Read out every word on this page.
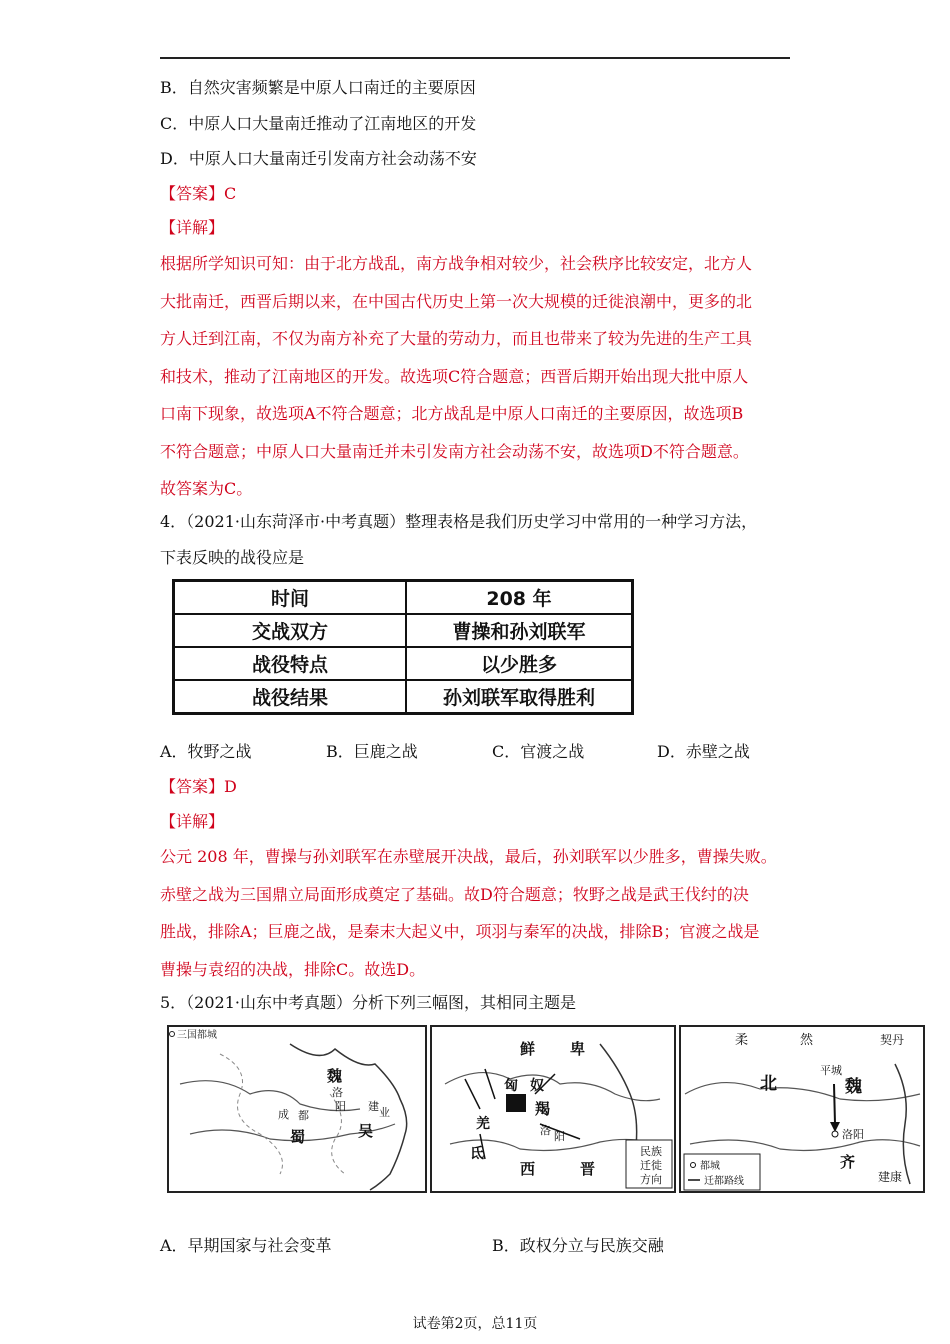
B．自然灾害频繁是中原人口南迁的主要原因
C．中原人口大量南迁推动了江南地区的开发
D．中原人口大量南迁引发南方社会动荡不安
【答案】C
【详解】
根据所学知识可知：由于北方战乱，南方战争相对较少，社会秩序比较安定，北方人
大批南迁，西晋后期以来，在中国古代历史上第一次大规模的迁徙浪潮中，更多的北
方人迁到江南，不仅为南方补充了大量的劳动力，而且也带来了较为先进的生产工具
和技术，推动了江南地区的开发。故选项C符合题意；西晋后期开始出现大批中原人
口南下现象，故选项A不符合题意；北方战乱是中原人口南迁的主要原因，故选项B
不符合题意；中原人口大量南迁并未引发南方社会动荡不安，故选项D不符合题意。
故答案为C。
4．（2021·山东菏泽市·中考真题）整理表格是我们历史学习中常用的一种学习方法，
下表反映的战役应是
时间	208 年
交战双方	曹操和孙刘联军
战役特点	以少胜多
战役结果	孙刘联军取得胜利
A．牧野之战	B．巨鹿之战	C．官渡之战	D．赤壁之战
【答案】D
【详解】
公元 208 年，曹操与孙刘联军在赤壁展开决战，最后，孙刘联军以少胜多，曹操失败。
赤壁之战为三国鼎立局面形成奠定了基础。故D符合题意；牧野之战是武王伐纣的决
胜战，排除A；巨鹿之战，是秦末大起义中，项羽与秦军的决战，排除B；官渡之战是
曹操与袁绍的决战，排除C。故选D。
5．（2021·山东中考真题）分析下列三幅图，其相同主题是
三国都城
魏
洛
阳
成 都
蜀	吴
建 业
鲜 卑
匈 奴
羯
羌
氐
洛 阳
西	晋
民族
迁徙
方向
柔	然	契丹
北
平城
魏
洛阳
齐
建康
都城
迁都路线
A．早期国家与社会变革	B．政权分立与民族交融
试卷第2页，总11页
